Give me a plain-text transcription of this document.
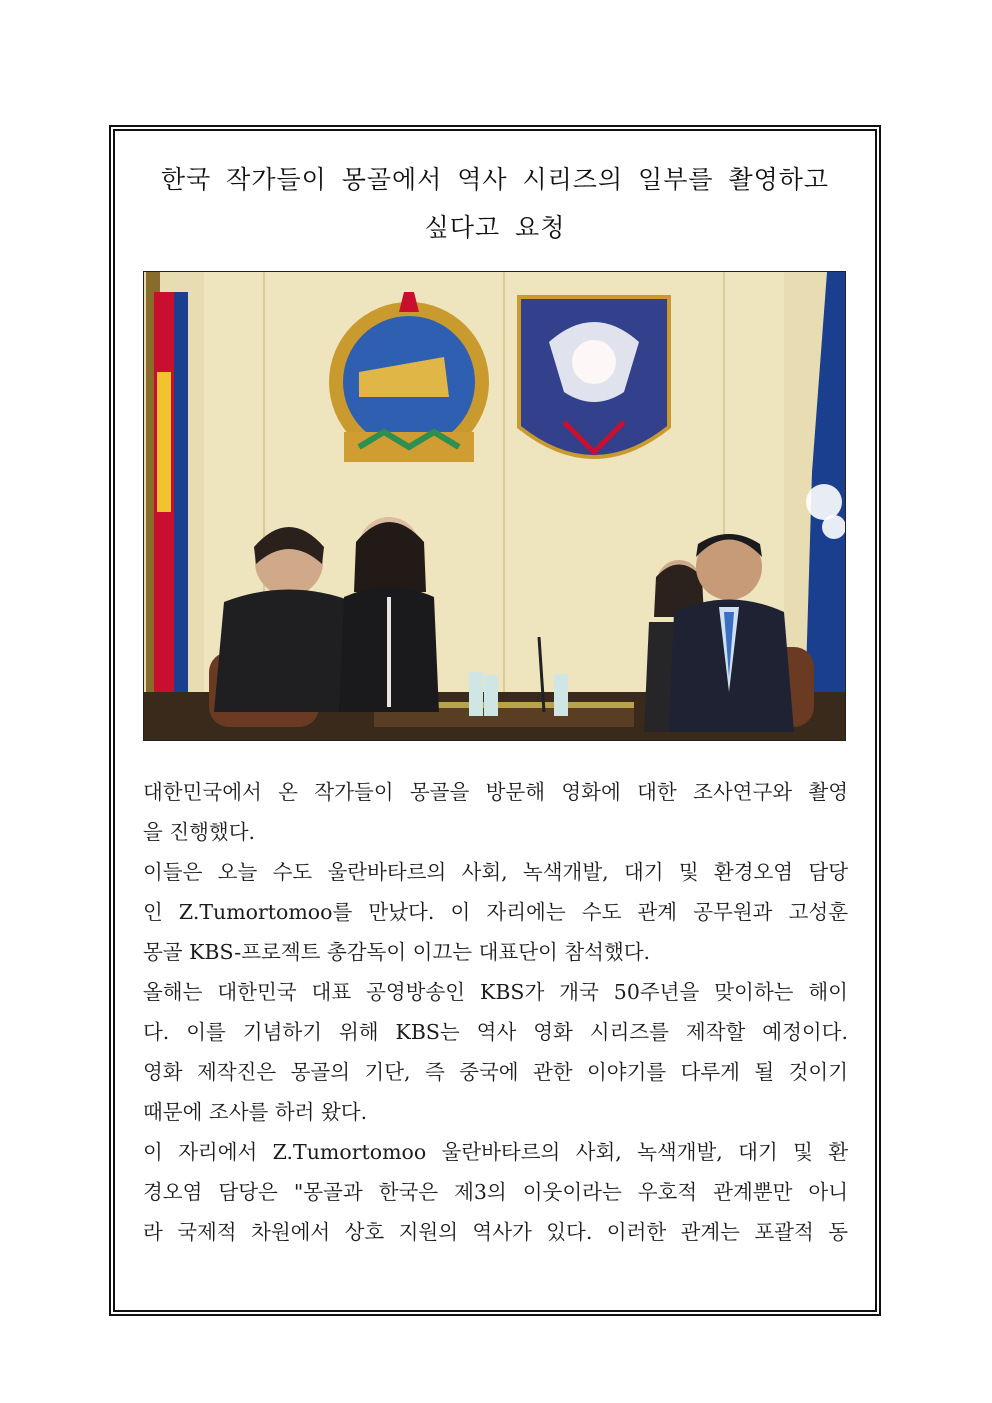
한국 작가들이 몽골에서 역사 시리즈의 일부를 촬영하고
싶다고 요청
대한민국에서 온 작가들이 몽골을 방문해 영화에 대한 조사연구와 촬영
을 진행했다.
이들은 오늘 수도 울란바타르의 사회, 녹색개발, 대기 및 환경오염 담당
인 Z.Tumortomoo를 만났다. 이 자리에는 수도 관계 공무원과 고성훈
몽골 KBS-프로젝트 총감독이 이끄는 대표단이 참석했다.
올해는 대한민국 대표 공영방송인 KBS가 개국 50주년을 맞이하는 해이
다. 이를 기념하기 위해 KBS는 역사 영화 시리즈를 제작할 예정이다.
영화 제작진은 몽골의 기단, 즉 중국에 관한 이야기를 다루게 될 것이기
때문에 조사를 하러 왔다.
이 자리에서 Z.Tumortomoo 울란바타르의 사회, 녹색개발, 대기 및 환
경오염 담당은 "몽골과 한국은 제3의 이웃이라는 우호적 관계뿐만 아니
라 국제적 차원에서 상호 지원의 역사가 있다. 이러한 관계는 포괄적 동
